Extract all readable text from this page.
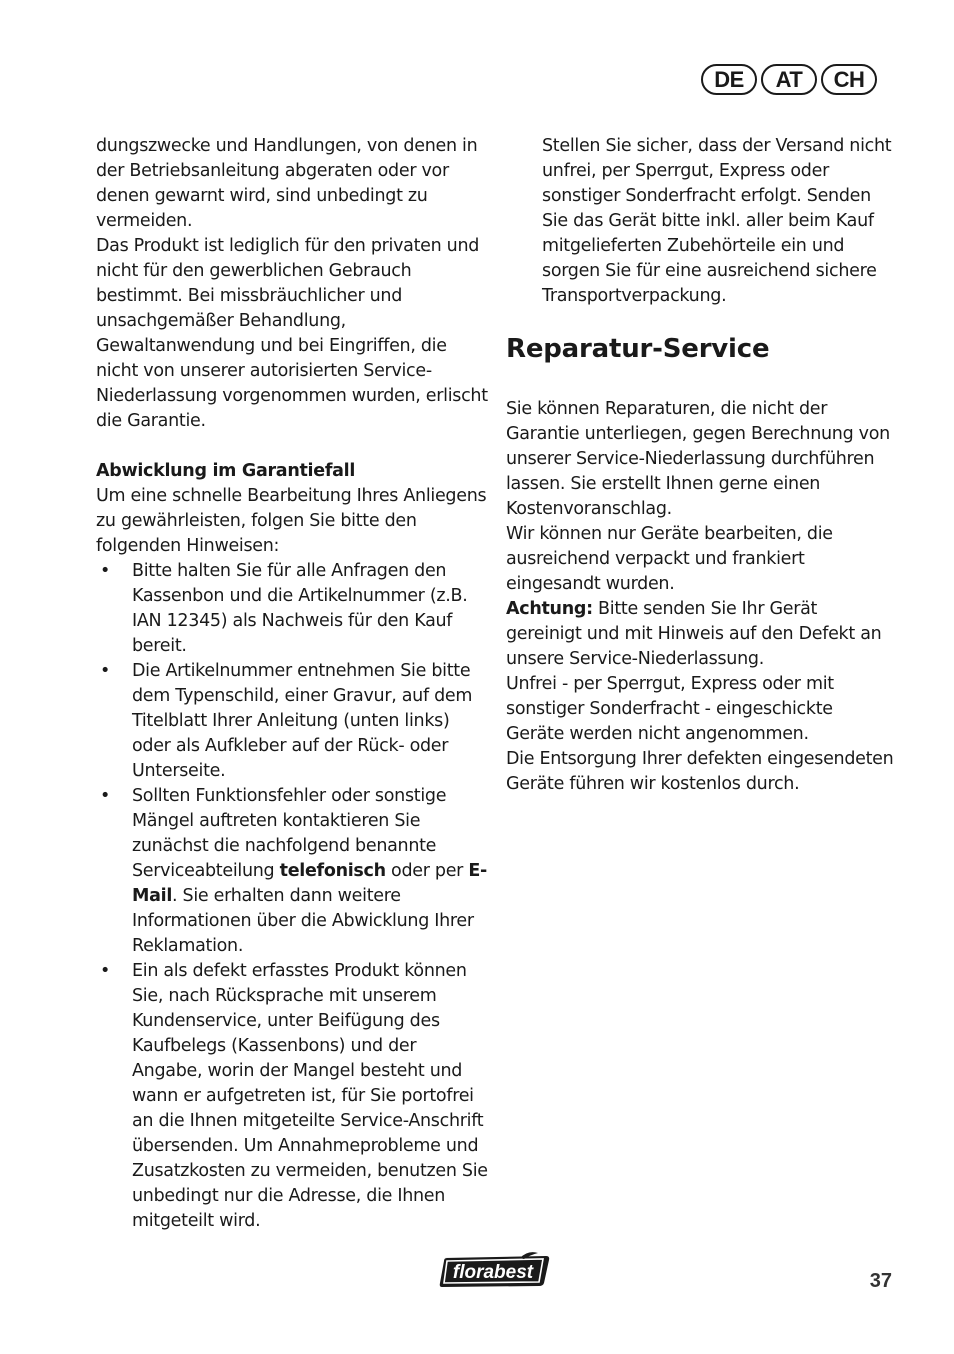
DE	AT	CH

dungszwecke und Handlungen, von denen in der Betriebsanleitung abgeraten oder vor denen gewarnt wird, sind unbedingt zu vermeiden.

Das Produkt ist lediglich für den privaten und nicht für den gewerblichen Gebrauch bestimmt. Bei missbräuchlicher und unsachgemäßer Behandlung, Gewaltanwendung und bei Eingriffen, die nicht von unserer autorisierten Service-Niederlassung vorgenommen wurden, erlischt die Garantie.

Abwicklung im Garantiefall

Um eine schnelle Bearbeitung Ihres Anliegens zu gewährleisten, folgen Sie bitte den folgenden Hinweisen:

• Bitte halten Sie für alle Anfragen den Kassenbon und die Artikelnummer (z.B. IAN 12345) als Nachweis für den Kauf bereit.
• Die Artikelnummer entnehmen Sie bitte dem Typenschild, einer Gravur, auf dem Titelblatt Ihrer Anleitung (unten links) oder als Aufkleber auf der Rück- oder Unterseite.
• Sollten Funktionsfehler oder sonstige Mängel auftreten kontaktieren Sie zunächst die nachfolgend benannte Serviceabteilung telefonisch oder per E-Mail. Sie erhalten dann weitere Informationen über die Abwicklung Ihrer Reklamation.
• Ein als defekt erfasstes Produkt können Sie, nach Rücksprache mit unserem Kundenservice, unter Beifügung des Kaufbelegs (Kassenbons) und der Angabe, worin der Mangel besteht und wann er aufgetreten ist, für Sie portofrei an die Ihnen mitgeteilte Service-Anschrift übersenden. Um Annahmeprobleme und Zusatzkosten zu vermeiden, benutzen Sie unbedingt nur die Adresse, die Ihnen mitgeteilt wird.

Stellen Sie sicher, dass der Versand nicht unfrei, per Sperrgut, Express oder sonstiger Sonderfracht erfolgt. Senden Sie das Gerät bitte inkl. aller beim Kauf mitgelieferten Zubehörteile ein und sorgen Sie für eine ausreichend sichere Transportverpackung.

Reparatur-Service

Sie können Reparaturen, die nicht der Garantie unterliegen, gegen Berechnung von unserer Service-Niederlassung durchführen lassen. Sie erstellt Ihnen gerne einen Kostenvoranschlag.

Wir können nur Geräte bearbeiten, die ausreichend verpackt und frankiert eingesandt wurden.

Achtung: Bitte senden Sie Ihr Gerät gereinigt und mit Hinweis auf den Defekt an unsere Service-Niederlassung.

Unfrei - per Sperrgut, Express oder mit sonstiger Sonderfracht - eingeschickte Geräte werden nicht angenommen.

Die Entsorgung Ihrer defekten eingesendeten Geräte führen wir kostenlos durch.

florabest	37
